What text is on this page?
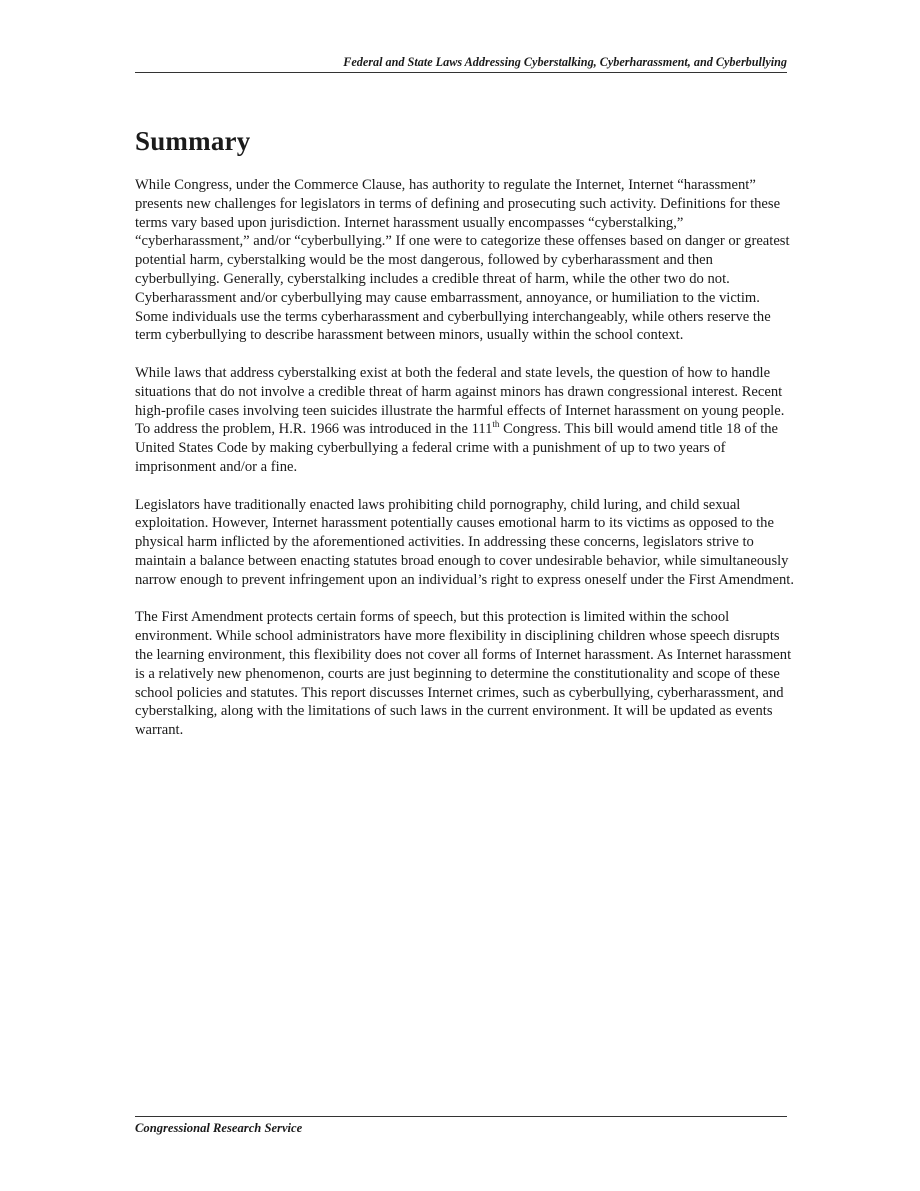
Federal and State Laws Addressing Cyberstalking, Cyberharassment, and Cyberbullying
Summary

While Congress, under the Commerce Clause, has authority to regulate the Internet, Internet “harassment” presents new challenges for legislators in terms of defining and prosecuting such activity. Definitions for these terms vary based upon jurisdiction. Internet harassment usually encompasses “cyberstalking,” “cyberharassment,” and/or “cyberbullying.” If one were to categorize these offenses based on danger or greatest potential harm, cyberstalking would be the most dangerous, followed by cyberharassment and then cyberbullying. Generally, cyberstalking includes a credible threat of harm, while the other two do not. Cyberharassment and/or cyberbullying may cause embarrassment, annoyance, or humiliation to the victim. Some individuals use the terms cyberharassment and cyberbullying interchangeably, while others reserve the term cyberbullying to describe harassment between minors, usually within the school context.

While laws that address cyberstalking exist at both the federal and state levels, the question of how to handle situations that do not involve a credible threat of harm against minors has drawn congressional interest. Recent high-profile cases involving teen suicides illustrate the harmful effects of Internet harassment on young people. To address the problem, H.R. 1966 was introduced in the 111th Congress. This bill would amend title 18 of the United States Code by making cyberbullying a federal crime with a punishment of up to two years of imprisonment and/or a fine.

Legislators have traditionally enacted laws prohibiting child pornography, child luring, and child sexual exploitation. However, Internet harassment potentially causes emotional harm to its victims as opposed to the physical harm inflicted by the aforementioned activities. In addressing these concerns, legislators strive to maintain a balance between enacting statutes broad enough to cover undesirable behavior, while simultaneously narrow enough to prevent infringement upon an individual’s right to express oneself under the First Amendment.

The First Amendment protects certain forms of speech, but this protection is limited within the school environment. While school administrators have more flexibility in disciplining children whose speech disrupts the learning environment, this flexibility does not cover all forms of Internet harassment. As Internet harassment is a relatively new phenomenon, courts are just beginning to determine the constitutionality and scope of these school policies and statutes. This report discusses Internet crimes, such as cyberbullying, cyberharassment, and cyberstalking, along with the limitations of such laws in the current environment. It will be updated as events warrant.

Congressional Research Service
